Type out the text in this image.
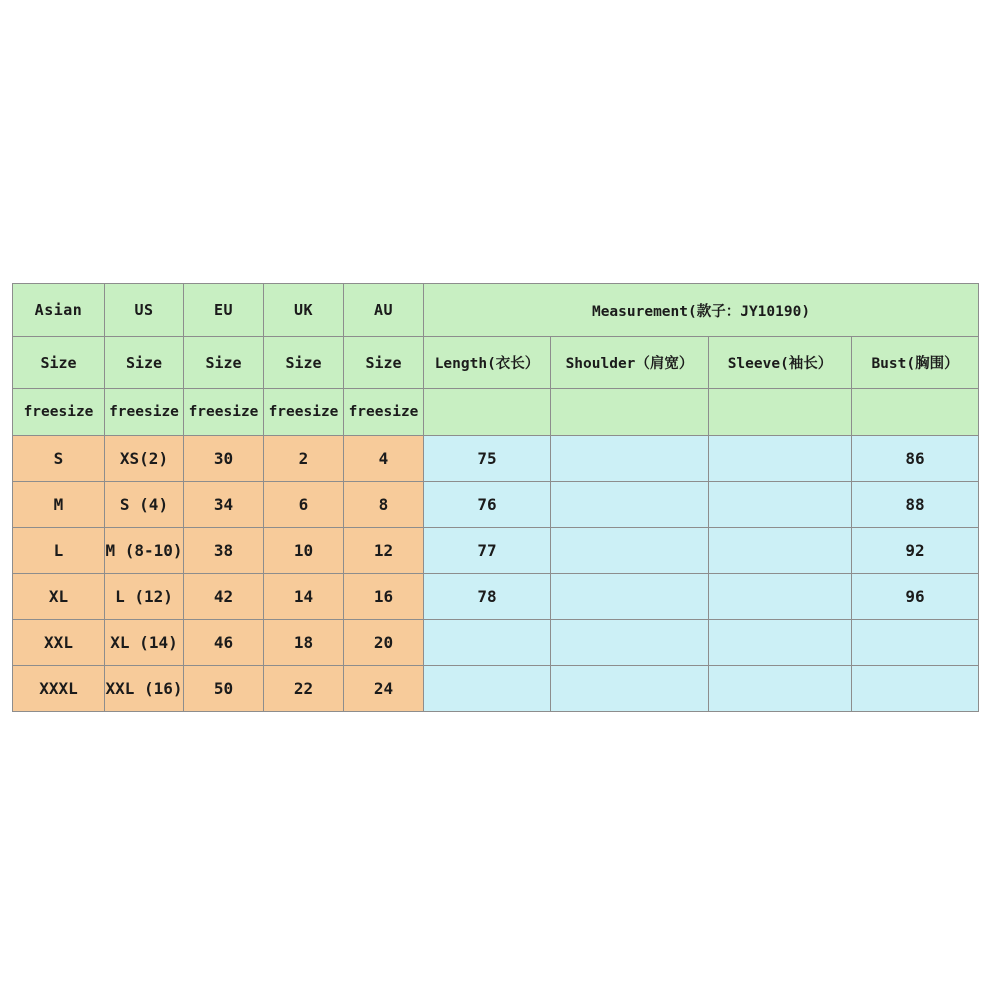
Asian	US	EU	UK	AU	Measurement(款子：JY10190)			
Size	Size	Size	Size	Size	Length(衣长）	Shoulder（肩宽）	Sleeve(袖长）	Bust(胸围）
freesize	freesize	freesize	freesize	freesize				
S	XS(2)	30	2	4	75			86
M	S (4)	34	6	8	76			88
L	M (8-10)	38	10	12	77			92
XL	L (12)	42	14	16	78			96
XXL	XL (14)	46	18	20				
XXXL	XXL (16)	50	22	24				
